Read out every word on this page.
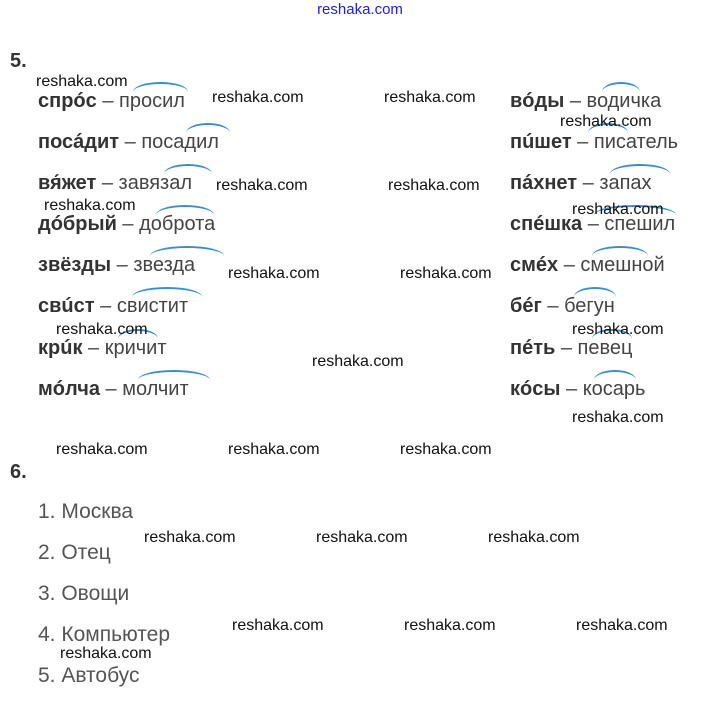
reshaka.com
5.
спрóс – просил
посáдит – посадил
вя́жет – завязал
дóбрый – доброта
звёзды – звезда
свúст – свистит
крúк – кричит
мóлча – молчит
вóды – водичка
пúшет – писатель
пáхнет – запах
спéшка – спешил
смéх – смешной
бéг – бегун
пéть – певец
кóсы – косарь
6.
1. Москва
2. Отец
3. Овощи
4. Компьютер
5. Автобус
reshaka.com
reshaka.com	reshaka.com
reshaka.com
reshaka.com	reshaka.com
reshaka.com	reshaka.com
reshaka.com	reshaka.com
reshaka.com	reshaka.com
reshaka.com
reshaka.com
reshaka.com	reshaka.com	reshaka.com
reshaka.com	reshaka.com	reshaka.com
reshaka.com	reshaka.com	reshaka.com
reshaka.com
